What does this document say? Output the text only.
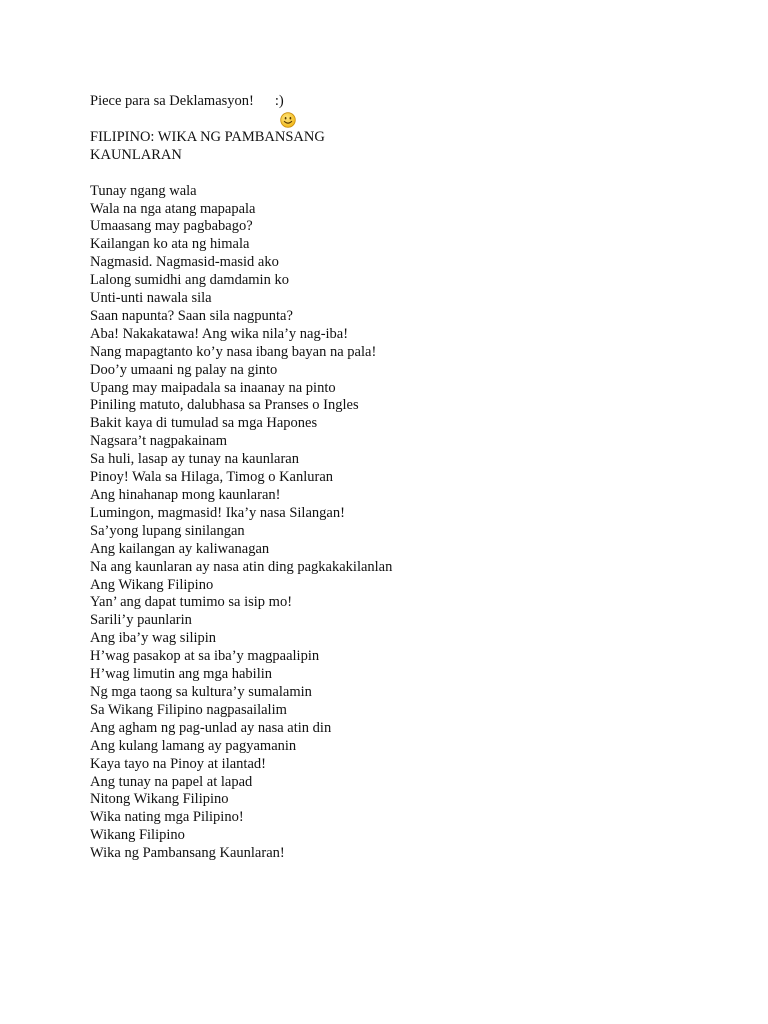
Piece para sa Deklamasyon!

:)
FILIPINO: WIKA NG PAMBANSANG
KAUNLARAN
Tunay ngang wala
Wala na nga atang mapapala
Umaasang may pagbabago?
Kailangan ko ata ng himala
Nagmasid. Nagmasid-masid ako
Lalong sumidhi ang damdamin ko
Unti-unti nawala sila
Saan napunta? Saan sila nagpunta?
Aba! Nakakatawa! Ang wika nila’y nag-iba!
Nang mapagtanto ko’y nasa ibang bayan na pala!
Doo’y umaani ng palay na ginto
Upang may maipadala sa inaanay na pinto
Piniling matuto, dalubhasa sa Pranses o Ingles
Bakit kaya di tumulad sa mga Hapones
Nagsara’t nagpakainam
Sa huli, lasap ay tunay na kaunlaran
Pinoy! Wala sa Hilaga, Timog o Kanluran
Ang hinahanap mong kaunlaran!
Lumingon, magmasid! Ika’y nasa Silangan!
Sa’yong lupang sinilangan
Ang kailangan ay kaliwanagan
Na ang kaunlaran ay nasa atin ding pagkakakilanlan
Ang Wikang Filipino
Yan’ ang dapat tumimo sa isip mo!
Sarili’y paunlarin
Ang iba’y wag silipin
H’wag pasakop at sa iba’y magpaalipin
H’wag limutin ang mga habilin
Ng mga taong sa kultura’y sumalamin
Sa Wikang Filipino nagpasailalim
Ang agham ng pag-unlad ay nasa atin din
Ang kulang lamang ay pagyamanin
Kaya tayo na Pinoy at ilantad!
Ang tunay na papel at lapad
Nitong Wikang Filipino
Wika nating mga Pilipino!
Wikang Filipino
Wika ng Pambansang Kaunlaran!
